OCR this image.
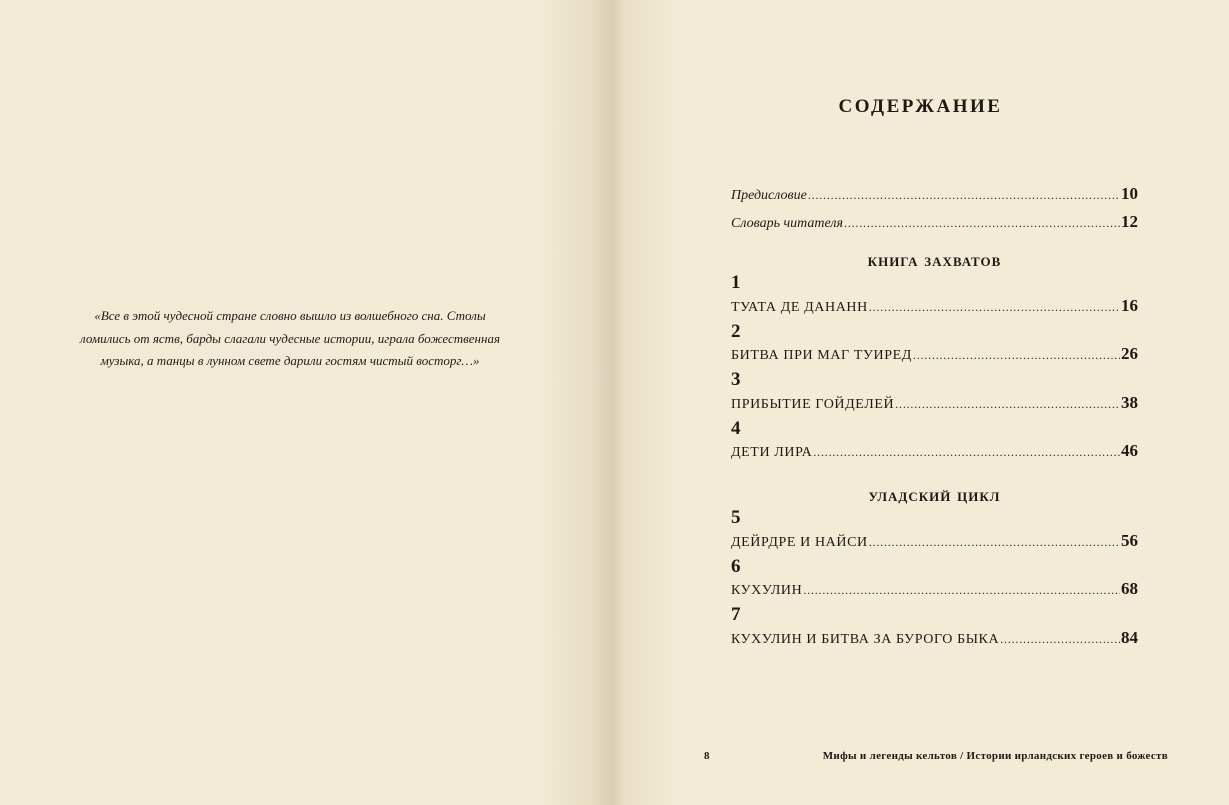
«Все в этой чудесной стране словно вышло из волшебного сна. Столы
ломились от яств, барды слагали чудесные истории, играла божественная
музыка, а танцы в лунном свете дарили гостям чистый восторг…»
содержание
Предисловие .....	10
Словарь читателя .....	12
книга захватов
1
ТУАТА ДЕ ДАНАНН .....	16
2
БИТВА ПРИ МАГ ТУИРЕД .....	26
3
ПРИБЫТИЕ ГОЙДЕЛЕЙ .....	38
4
ДЕТИ ЛИРА .....	46
уладский цикл
5
ДЕЙРДРЕ И НАЙСИ .....	56
6
КУХУЛИН .....	68
7
КУХУЛИН И БИТВА ЗА БУРОГО БЫКА .....	84
8	Мифы и легенды кельтов / Истории ирландских героев и божеств
